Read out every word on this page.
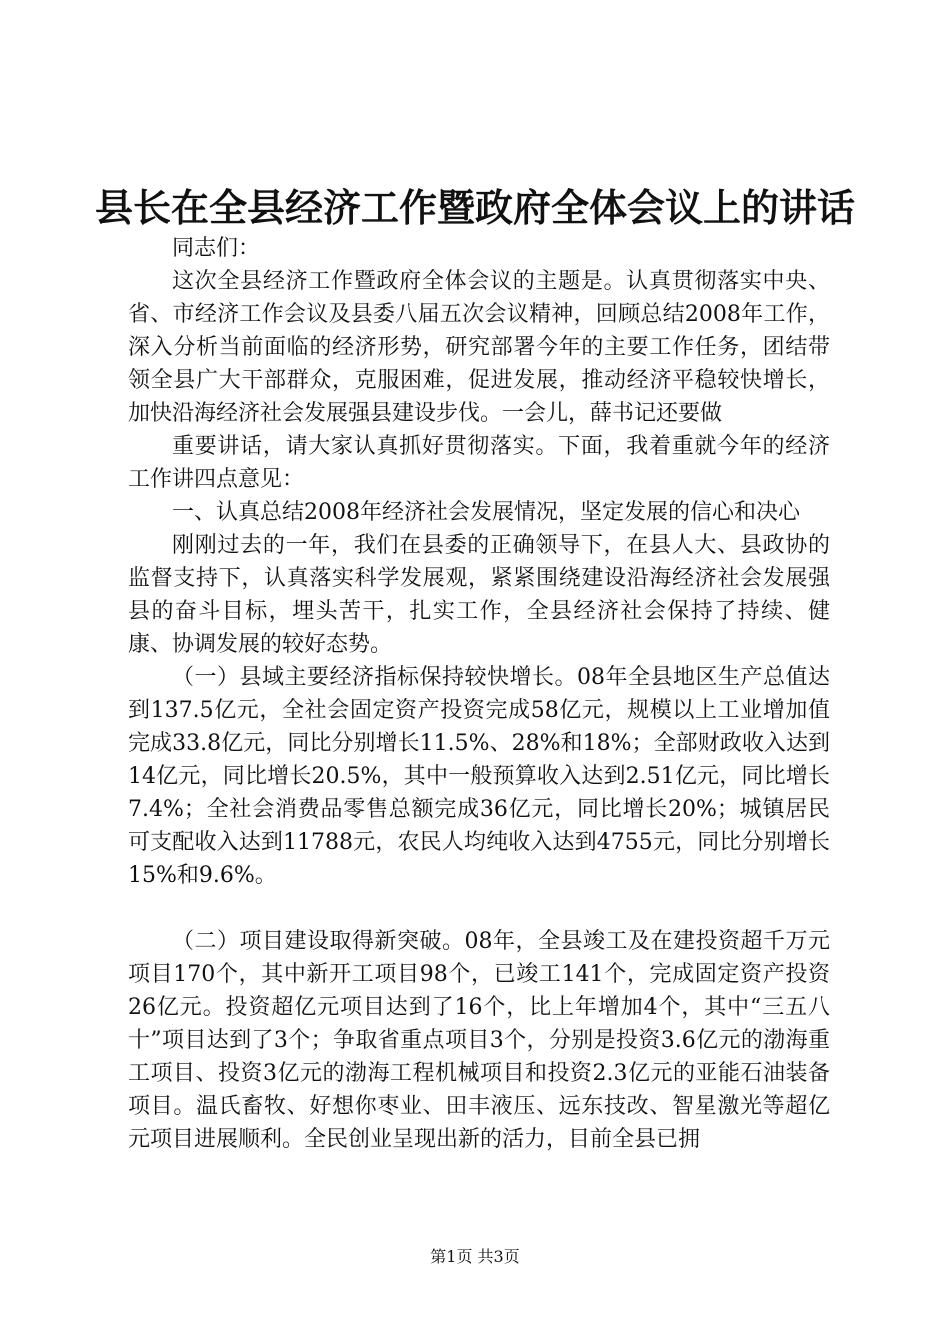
县长在全县经济工作暨政府全体会议上的讲话

同志们：

这次全县经济工作暨政府全体会议的主题是。认真贯彻落实中央、省、市经济工作会议及县委八届五次会议精神，回顾总结2008年工作，深入分析当前面临的经济形势，研究部署今年的主要工作任务，团结带领全县广大干部群众，克服困难，促进发展，推动经济平稳较快增长，加快沿海经济社会发展强县建设步伐。一会儿，薛书记还要做

重要讲话，请大家认真抓好贯彻落实。下面，我着重就今年的经济工作讲四点意见：

一、认真总结2008年经济社会发展情况，坚定发展的信心和决心

刚刚过去的一年，我们在县委的正确领导下，在县人大、县政协的监督支持下，认真落实科学发展观，紧紧围绕建设沿海经济社会发展强县的奋斗目标，埋头苦干，扎实工作，全县经济社会保持了持续、健康、协调发展的较好态势。

（一）县域主要经济指标保持较快增长。08年全县地区生产总值达到137.5亿元，全社会固定资产投资完成58亿元，规模以上工业增加值完成33.8亿元，同比分别增长11.5%、28%和18%；全部财政收入达到14亿元，同比增长20.5%，其中一般预算收入达到2.51亿元，同比增长7.4%；全社会消费品零售总额完成36亿元，同比增长20%；城镇居民可支配收入达到11788元，农民人均纯收入达到4755元，同比分别增长15%和9.6%。

（二）项目建设取得新突破。08年，全县竣工及在建投资超千万元项目170个，其中新开工项目98个，已竣工141个，完成固定资产投资26亿元。投资超亿元项目达到了16个，比上年增加4个，其中“三五八十”项目达到了3个；争取省重点项目3个，分别是投资3.6亿元的渤海重工项目、投资3亿元的渤海工程机械项目和投资2.3亿元的亚能石油装备项目。温氏畜牧、好想你枣业、田丰液压、远东技改、智星激光等超亿元项目进展顺利。全民创业呈现出新的活力，目前全县已拥

第1页 共3页
